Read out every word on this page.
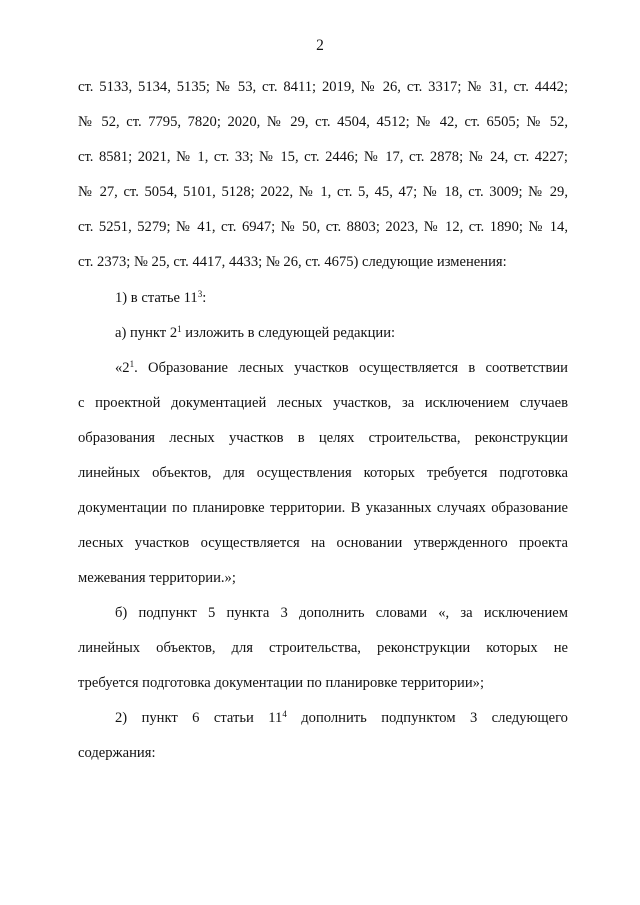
2
ст. 5133, 5134, 5135; № 53, ст. 8411; 2019, № 26, ст. 3317; № 31, ст. 4442;
№ 52, ст. 7795, 7820; 2020, № 29, ст. 4504, 4512; № 42, ст. 6505; № 52,
ст. 8581; 2021, № 1, ст. 33; № 15, ст. 2446; № 17, ст. 2878; № 24, ст. 4227;
№ 27, ст. 5054, 5101, 5128; 2022, № 1, ст. 5, 45, 47; № 18, ст. 3009; № 29,
ст. 5251, 5279; № 41, ст. 6947; № 50, ст. 8803; 2023, № 12, ст. 1890; № 14,
ст. 2373; № 25, ст. 4417, 4433; № 26, ст. 4675) следующие изменения:
1) в статье $11^3$:
а) пункт $2^1$ изложить в следующей редакции:
«$2^1$. Образование лесных участков осуществляется в соответствии
с проектной документацией лесных участков, за исключением случаев
образования лесных участков в целях строительства, реконструкции
линейных объектов, для осуществления которых требуется подготовка
документации по планировке территории. В указанных случаях образование
лесных участков осуществляется на основании утвержденного проекта
межевания территории.»;
б) подпункт 5 пункта 3 дополнить словами «, за исключением
линейных объектов, для строительства, реконструкции которых не
требуется подготовка документации по планировке территории»;
2) пункт 6 статьи $11^4$ дополнить подпунктом 3 следующего
содержания:
